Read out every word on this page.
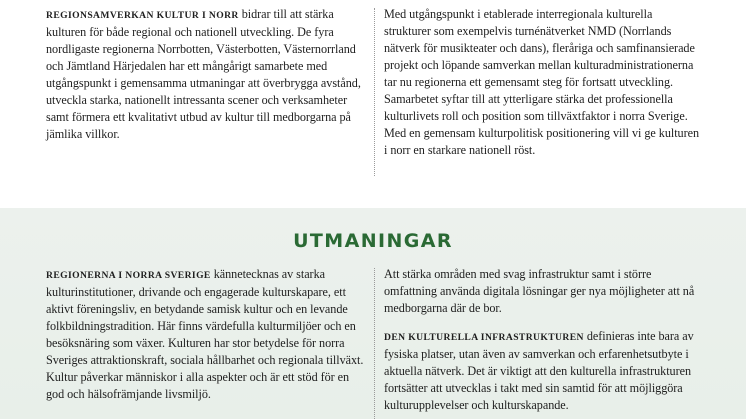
REGIONSAMVERKAN KULTUR I NORR bidrar till att stärka kulturen för både regional och nationell utveckling. De fyra nordligaste regionerna Norrbotten, Västerbotten, Västernorrland och Jämtland Härjedalen har ett mångårigt samarbete med utgångspunkt i gemensamma utmaningar att överbrygga avstånd, utveckla starka, nationellt intressanta scener och verksamheter samt förmera ett kvalitativt utbud av kultur till medborgarna på jämlika villkor.

Med utgångspunkt i etablerade interregionala kulturella strukturer som exempelvis turnénätverket NMD (Norrlands nätverk för musikteater och dans), fleråriga och samfinansierade projekt och löpande samverkan mellan kulturadministrationerna tar nu regionerna ett gemensamt steg för fortsatt utveckling. Samarbetet syftar till att ytterligare stärka det professionella kulturlivets roll och position som tillväxtfaktor i norra Sverige. Med en gemensam kulturpolitisk positionering vill vi ge kulturen i norr en starkare nationell röst.

UTMANINGAR

REGIONERNA I NORRA SVERIGE kännetecknas av starka kulturinstitutioner, drivande och engagerade kulturskapare, ett aktivt föreningsliv, en betydande samisk kultur och en levande folkbildningstradition. Här finns värdefulla kulturmiljöer och en besöksnäring som växer. Kulturen har stor betydelse för norra Sveriges attraktionskraft, sociala hållbarhet och regionala tillväxt. Kultur påverkar människor i alla aspekter och är ett stöd för en god och hälsofrämjande livsmiljö.

Att stärka områden med svag infrastruktur samt i större omfattning använda digitala lösningar ger nya möjligheter att nå medborgarna där de bor.

DEN KULTURELLA INFRASTRUKTUREN definieras inte bara av fysiska platser, utan även av samverkan och erfarenhetsutbyte i aktuella nätverk. Det är viktigt att den kulturella infrastrukturen fortsätter att utvecklas i takt med sin samtid för att möjliggöra kulturupplevelser och kulturskapande.
